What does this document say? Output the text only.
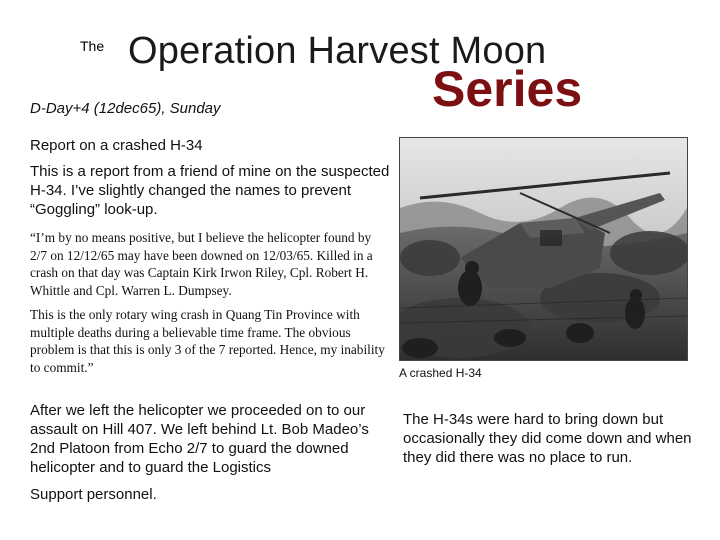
The Operation Harvest Moon
Series
D-Day+4 (12dec65), Sunday
Report on a crashed H-34
This is a report from a friend of mine on the suspected H-34. I’ve slightly changed the names to prevent “Goggling” look-up.
“I’m by no means positive, but I believe the helicopter found by 2/7 on 12/12/65 may have been downed on 12/03/65. Killed in a crash on that day was Captain Kirk Irwon Riley, Cpl. Robert H. Whittle and Cpl. Warren L. Dumpsey.
This is the only rotary wing crash in Quang Tin Province with multiple deaths during a believable time frame. The obvious problem is that this is only 3 of the 7 reported. Hence, my inability to commit.”
After we left the helicopter we proceeded on to our assault on Hill 407. We left behind Lt. Bob Madeo’s 2nd Platoon from Echo 2/7 to guard the downed helicopter and to guard the Logistics
Support personnel.
A crashed H-34
The H-34s were hard to bring down but occasionally they did come down and when they did there was no place to run.
